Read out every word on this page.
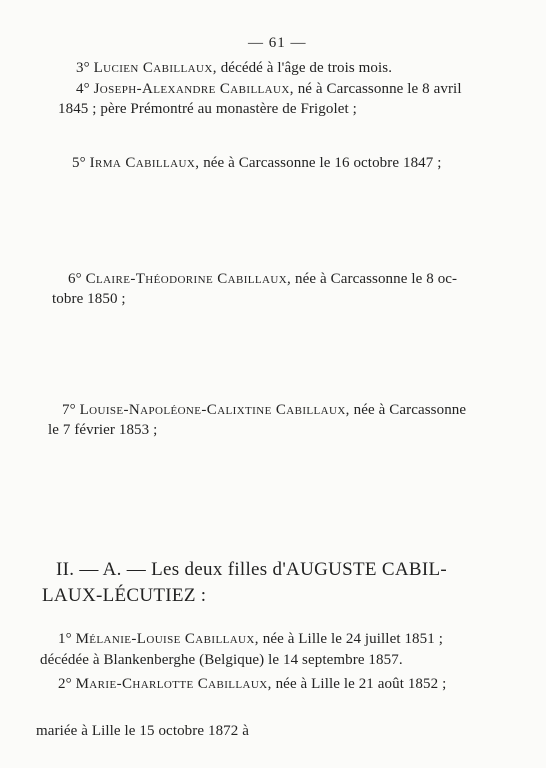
— 61 —
3° Lucien Cabillaux, décédé à l'âge de trois mois.
4° Joseph-Alexandre Cabillaux, né à Carcassonne le 8 avril
1845 ; père Prémontré au monastère de Frigolet ;
5° Irma Cabillaux, née à Carcassonne le 16 octobre 1847 ;
6° Claire-Théodorine Cabillaux, née à Carcassonne le 8 oc-
tobre 1850 ;
7° Louise-Napoléone-Calixtine Cabillaux, née à Carcassonne
le 7 février 1853 ;
II. — A. — Les deux filles d'AUGUSTE CABIL-
LAUX-LÉCUTIEZ :
1° Mélanie-Louise Cabillaux, née à Lille le 24 juillet 1851 ;
décédée à Blankenberghe (Belgique) le 14 septembre 1857.
2° Marie-Charlotte Cabillaux, née à Lille le 21 août 1852 ;
mariée à Lille le 15 octobre 1872 à
